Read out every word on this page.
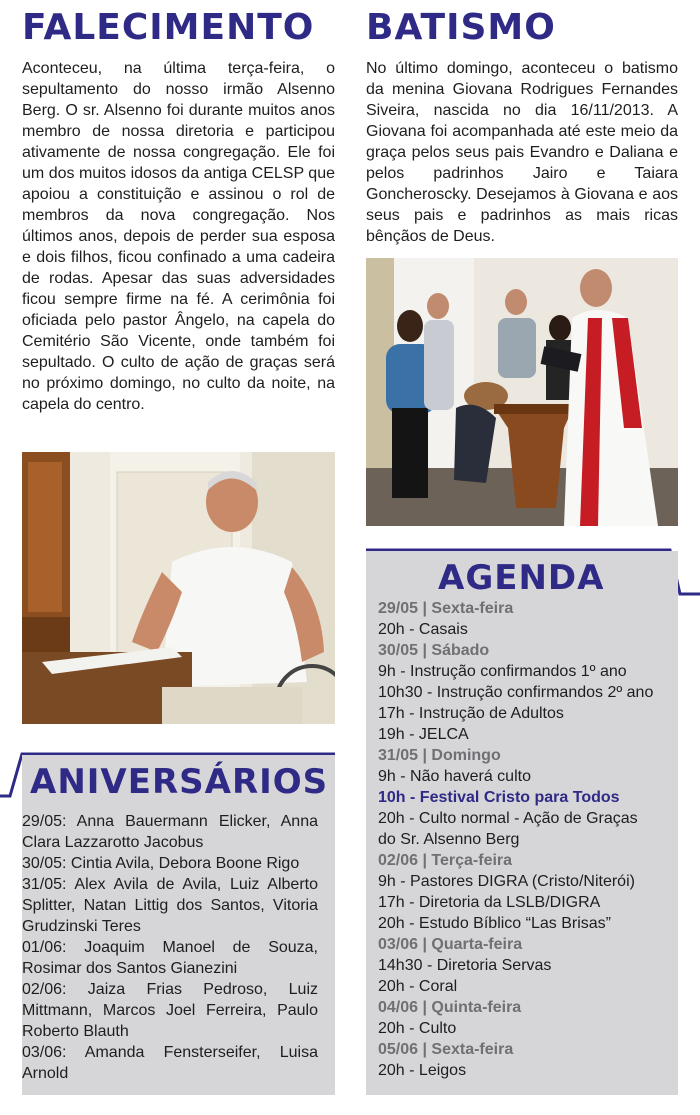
FALECIMENTO
Aconteceu, na última terça-feira, o sepultamento do nosso irmão Alsenno Berg. O sr. Alsenno foi durante muitos anos membro de nossa diretoria e participou ativamente de nossa congregação. Ele foi um dos muitos idosos da antiga CELSP que apoiou a constituição e assinou o rol de membros da nova congregação. Nos últimos anos, depois de perder sua esposa e dois filhos, ficou confinado a uma cadeira de rodas. Apesar das suas adversidades ficou sempre firme na fé. A cerimônia foi oficiada pelo pastor Ângelo, na capela do Cemitério São Vicente, onde também foi sepultado. O culto de ação de graças será no próximo domingo, no culto da noite, na capela do centro.
ANIVERSÁRIOS
29/05: Anna Bauermann Elicker, Anna Clara Lazzarotto Jacobus
30/05: Cintia Avila, Debora Boone Rigo
31/05: Alex Avila de Avila, Luiz Alberto Splitter, Natan Littig dos Santos, Vitoria Grudzinski Teres
01/06: Joaquim Manoel de Souza, Rosimar dos Santos Gianezini
02/06: Jaiza Frias Pedroso, Luiz Mittmann, Marcos Joel Ferreira, Paulo Roberto Blauth
03/06: Amanda Fensterseifer, Luisa Arnold
BATISMO
No último domingo, aconteceu o batismo da menina Giovana Rodrigues Fernandes Siveira, nascida no dia 16/11/2013. A Giovana foi acompanhada até este meio da graça pelos seus pais Evandro e Daliana e pelos padrinhos Jairo e Taiara Goncheroscky. Desejamos à Giovana e aos seus pais e padrinhos as mais ricas bênçãos de Deus.
AGENDA
29/05 | Sexta-feira
20h - Casais
30/05 | Sábado
9h - Instrução confirmandos 1º ano
10h30 - Instrução confirmandos 2º ano
17h - Instrução de Adultos
19h - JELCA
31/05 | Domingo
9h - Não haverá culto
10h - Festival Cristo para Todos
20h - Culto normal - Ação de Graças
do Sr. Alsenno Berg
02/06 | Terça-feira
9h - Pastores DIGRA (Cristo/Niterói)
17h - Diretoria da LSLB/DIGRA
20h - Estudo Bíblico “Las Brisas”
03/06 | Quarta-feira
14h30 - Diretoria Servas
20h - Coral
04/06 | Quinta-feira
20h - Culto
05/06 | Sexta-feira
20h - Leigos
